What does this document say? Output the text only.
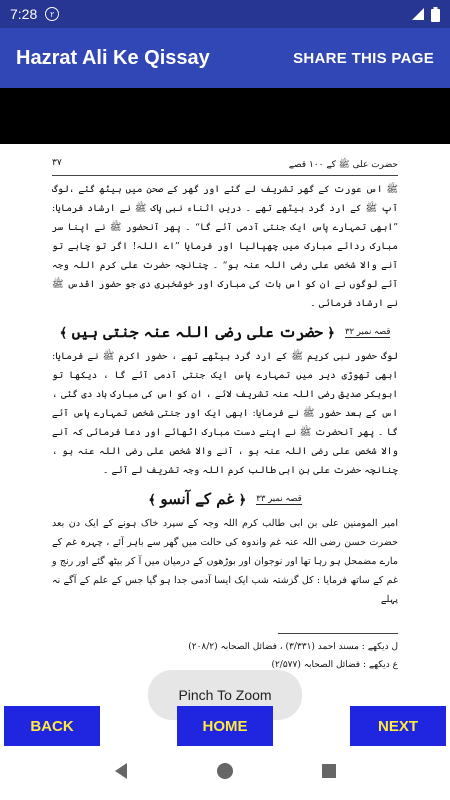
7:28	٢
Hazrat Ali Ke Qissay	SHARE THIS PAGE
حضرت علی ﷺ کے ۱۰۰ قصے
۳۷

ﷺ اس عورت کے گھر تشریف لے گئے اور گھر کے صحن میں بیٹھ گئے ،لوگ آپ ﷺ کے ارد گرد بیٹھے تھے ۔ دریں اثناء نبی پاک ﷺ نے ارشاد فرمایا: ”ابھی تمہارے پاس ایک جنتی آدمی آئے گا“ ۔ پھر آنحضور ﷺ نے اپنا سر مبارک ردائے مبارک میں چھپالیا اور فرمایا ”اے اللہ! اگر تو چاہے تو آنے والا شخص علی رضی اللہ عنہ ہو“ ۔ چنانچہ حضرت علی کرم اللہ وجہ آئے لوگوں نے ان کو اس بات کی مبارک اور خوشخبری دی جو حضور اقدس ﷺ نے ارشاد فرمائی ۔

قصہ نمبر ۳۲
﴿ حضرت علی رضی اللہ عنہ جنتی ہیں ﴾

لوگ حضور نبی کریم ﷺ کے ارد گرد بیٹھے تھے ، حضور اکرم ﷺ نے فرمایا: ابھی تھوڑی دیر میں تمہارے پاس ایک جنتی آدمی آئے گا ، دیکھا تو ابوبکر صدیق رضی اللہ عنہ تشریف لائے ، ان کو اس کی مبارک باد دی گئی ، اس کے بعد حضور ﷺ نے فرمایا: ابھی ایک اور جنتی شخص تمہارے پاس آئے گا ۔ پھر آنحضرت ﷺ نے اپنے دست مبارک اٹھائے اور دعا فرمائی کہ آنے والا شخص علی رضی اللہ عنہ ہو ، آنے والا شخص علی رضی اللہ عنہ ہو ، چنانچہ حضرت علی بن ابی طالب کرم اللہ وجہ تشریف لے آئے ۔

قصہ نمبر ۳۳
﴿ غم کے آنسو ﴾

امیر المومنین علی بن ابی طالب کرم اللہ وجہ کے سپرد خاک ہونے کے ایک دن بعد حضرت حسن رضی اللہ عنہ غم واندوہ کی حالت میں گھر سے باہر آئے ، چہرہ غم کے مارے مضمحل ہو رہا تھا اور نوجوان اور بوڑھوں کے درمیان میں آ کر بیٹھ گئے اور رنج و غم کے ساتھ فرمایا : کل گزشتہ شب ایک ایسا آدمی جدا ہو گیا جس کے علم کے آگے نہ پہلے

ل دیکھے : مسند احمد (۳/۳۳۱) ، فضائل الصحابہ (۲۰۸/۲)
ع دیکھے : فضائل الصحابہ (۲/۵۷۷)
Pinch To Zoom
BACK	HOME	NEXT
